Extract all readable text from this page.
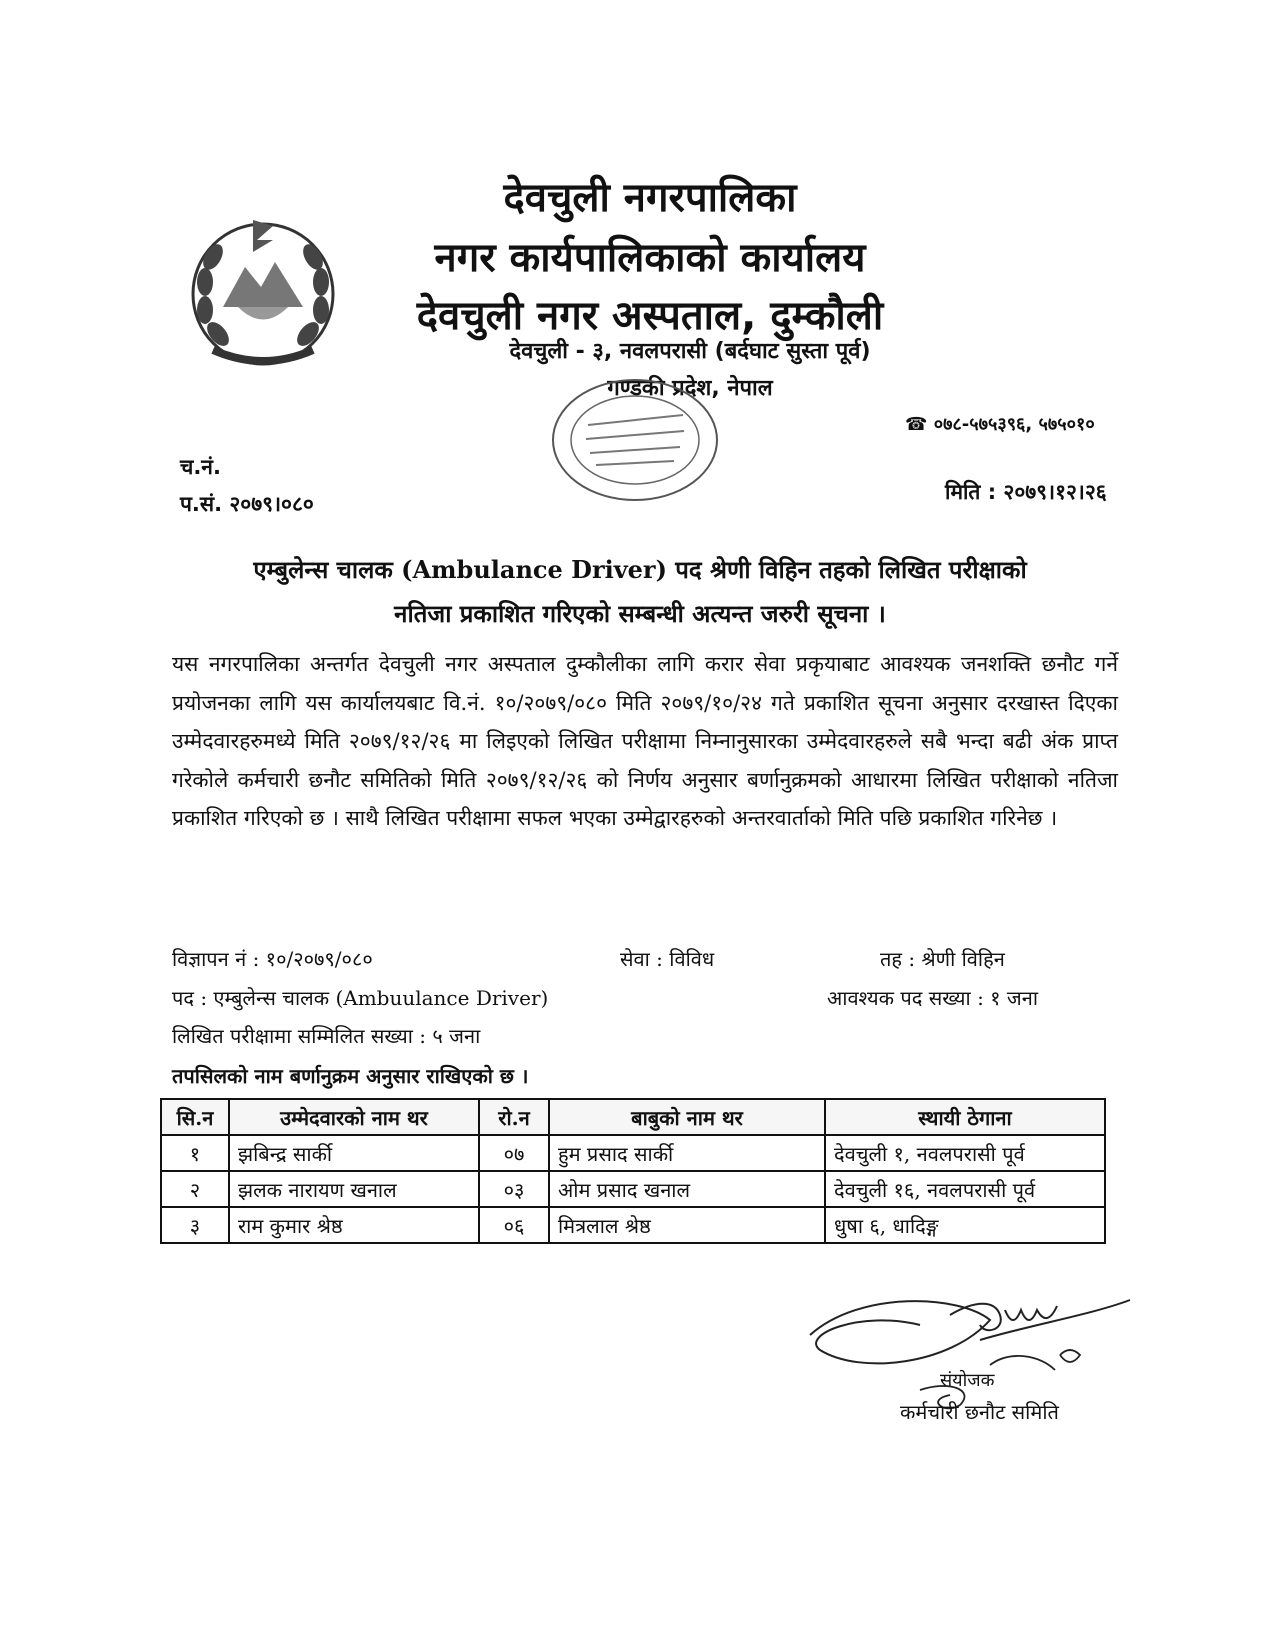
देवचुली नगरपालिका
नगर कार्यपालिकाको कार्यालय
देवचुली नगर अस्पताल, दुम्कौली
देवचुली - ३, नवलपरासी (बर्दघाट सुस्ता पूर्व)
गण्डकी प्रदेश, नेपाल
☎ ०७८-५७५३९६, ५७५०१०
च.नं.
प.सं. २०७९।०८०	मिति : २०७९।१२।२६
एम्बुलेन्स चालक (Ambulance Driver) पद श्रेणी विहिन तहको लिखित परीक्षाको
नतिजा प्रकाशित गरिएको सम्बन्धी अत्यन्त जरुरी सूचना ।
यस नगरपालिका अन्तर्गत देवचुली नगर अस्पताल दुम्कौलीका लागि करार सेवा प्रकृयाबाट आवश्यक जनशक्ति छनौट गर्ने प्रयोजनका लागि यस कार्यालयबाट वि.नं. १०/२०७९/०८० मिति २०७९/१०/२४ गते प्रकाशित सूचना अनुसार दरखास्त दिएका उम्मेदवारहरुमध्ये मिति २०७९/१२/२६ मा लिइएको लिखित परीक्षामा निम्नानुसारका उम्मेदवारहरुले सबै भन्दा बढी अंक प्राप्त गरेकोले कर्मचारी छनौट समितिको मिति २०७९/१२/२६ को निर्णय अनुसार बर्णानुक्रमको आधारमा लिखित परीक्षाको नतिजा प्रकाशित गरिएको छ । साथै लिखित परीक्षामा सफल भएका उम्मेद्वारहरुको अन्तरवार्ताको मिति पछि प्रकाशित गरिनेछ ।
विज्ञापन नं : १०/२०७९/०८०	सेवा : विविध	तह : श्रेणी विहिन
पद : एम्बुलेन्स चालक (Ambuulance Driver)	आवश्यक पद सख्या : १ जना
लिखित परीक्षामा सम्मिलित सख्या : ५ जना
तपसिलको नाम बर्णानुक्रम अनुसार राखिएको छ ।
सि.न	उम्मेदवारको नाम थर	रो.न	बाबुको नाम थर	स्थायी ठेगाना
१	झबिन्द्र सार्की	०७	हुम प्रसाद सार्की	देवचुली १, नवलपरासी पूर्व
२	झलक नारायण खनाल	०३	ओम प्रसाद खनाल	देवचुली १६, नवलपरासी पूर्व
३	राम कुमार श्रेष्ठ	०६	मित्रलाल श्रेष्ठ	धुषा ६, धादिङ्ग
संयोजक
कर्मचारी छनौट समिति
